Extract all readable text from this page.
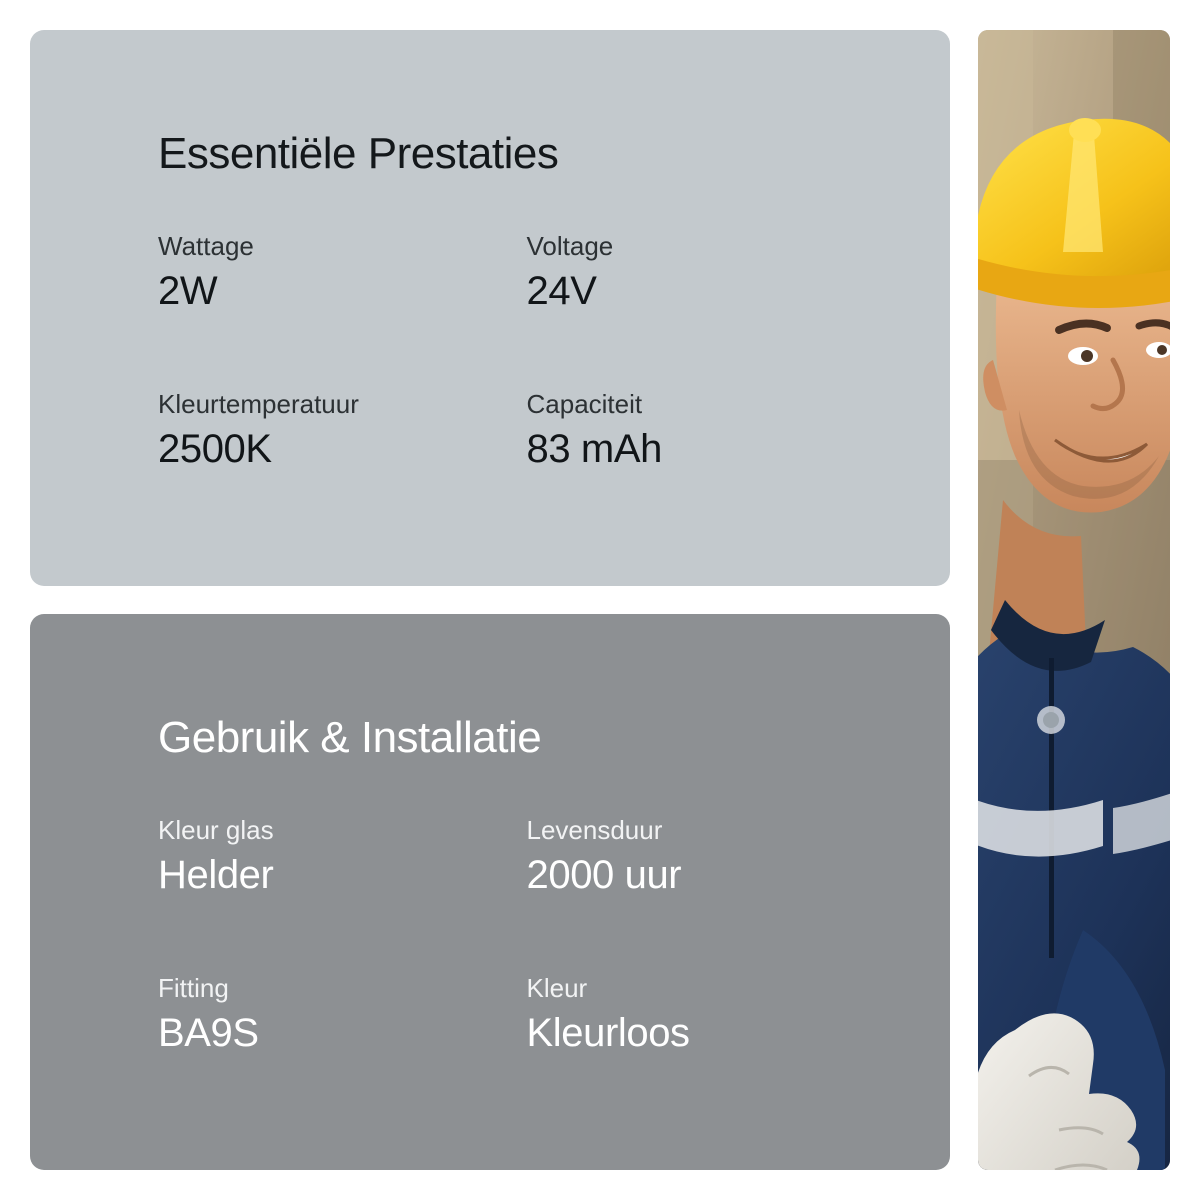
Essentiële Prestaties
Wattage
2W
Voltage
24V
Kleurtemperatuur
2500K
Capaciteit
83 mAh
Gebruik & Installatie
Kleur glas
Helder
Levensduur
2000 uur
Fitting
BA9S
Kleur
Kleurloos
